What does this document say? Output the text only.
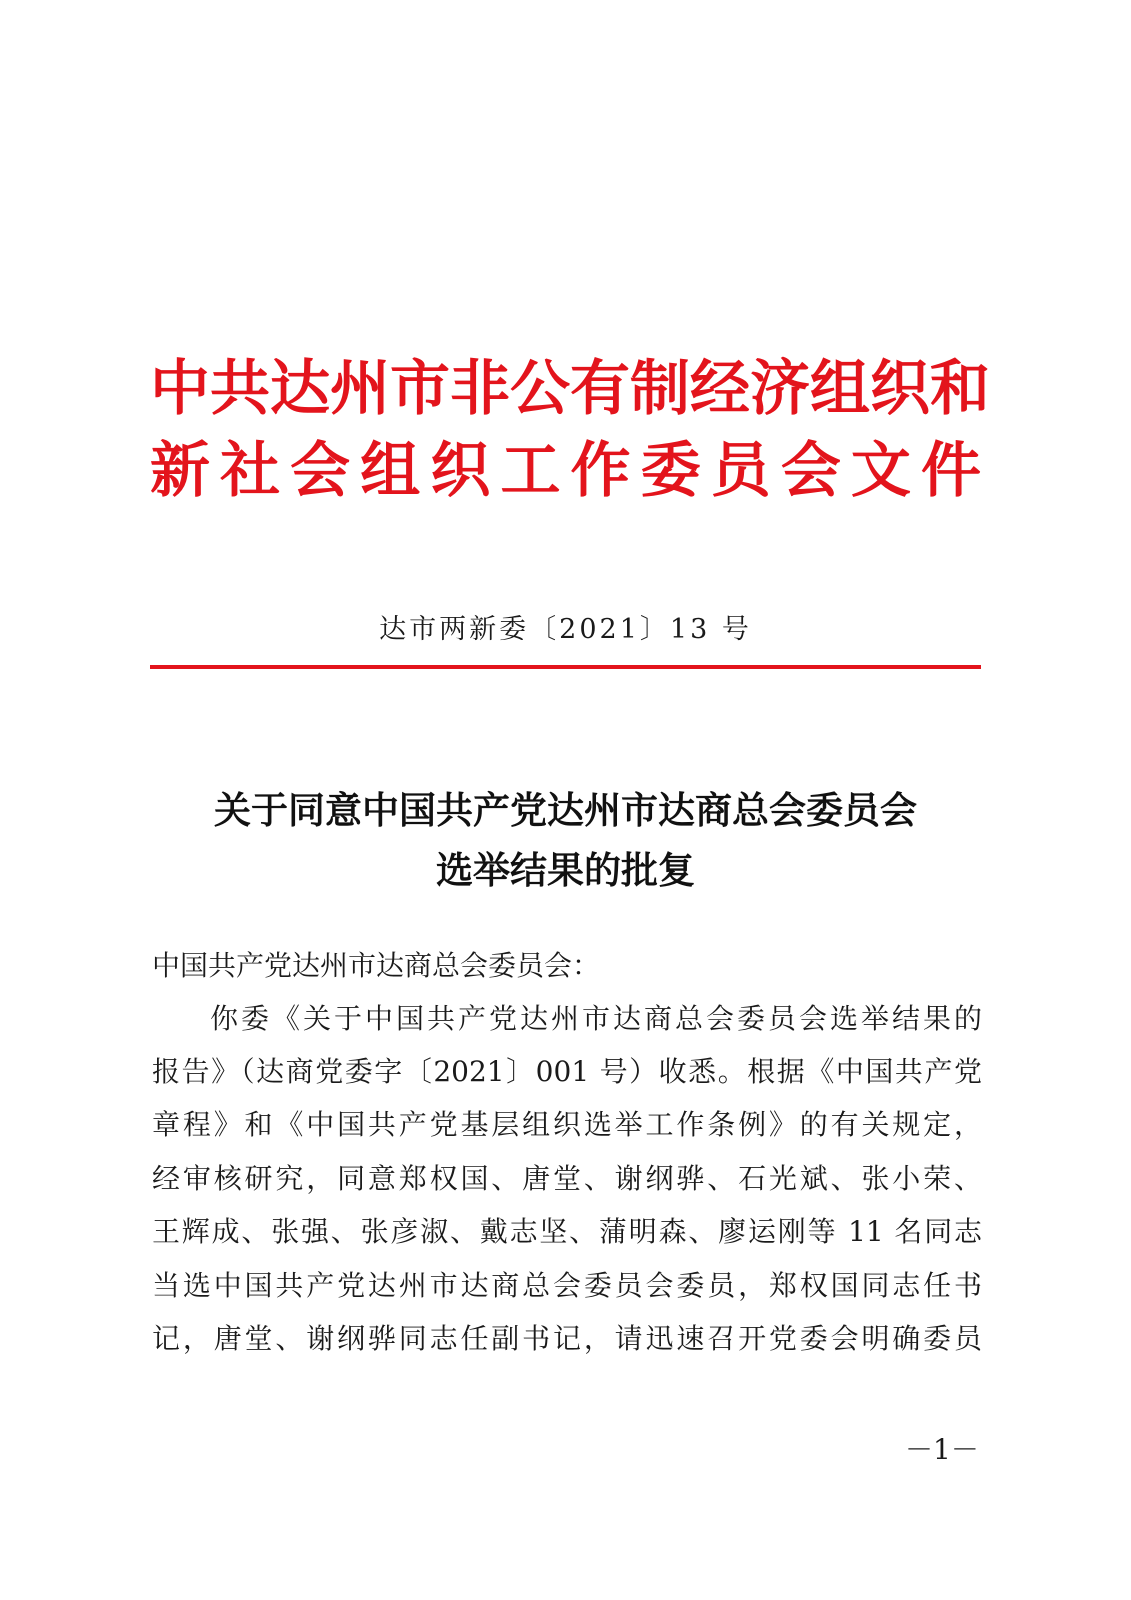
中共达州市非公有制经济组织和
新社会组织工作委员会文件
达市两新委〔2021〕13 号
关于同意中国共产党达州市达商总会委员会
选举结果的批复
中国共产党达州市达商总会委员会：
你委《关于中国共产党达州市达商总会委员会选举结果的
报告》（达商党委字〔2021〕001 号）收悉。根据《中国共产党
章程》和《中国共产党基层组织选举工作条例》的有关规定，
经审核研究，同意郑权国、唐堂、谢纲骅、石光斌、张小荣、
王辉成、张强、张彦淑、戴志坚、蒲明森、廖运刚等 11 名同志
当选中国共产党达州市达商总会委员会委员，郑权国同志任书
记，唐堂、谢纲骅同志任副书记，请迅速召开党委会明确委员
－1－
